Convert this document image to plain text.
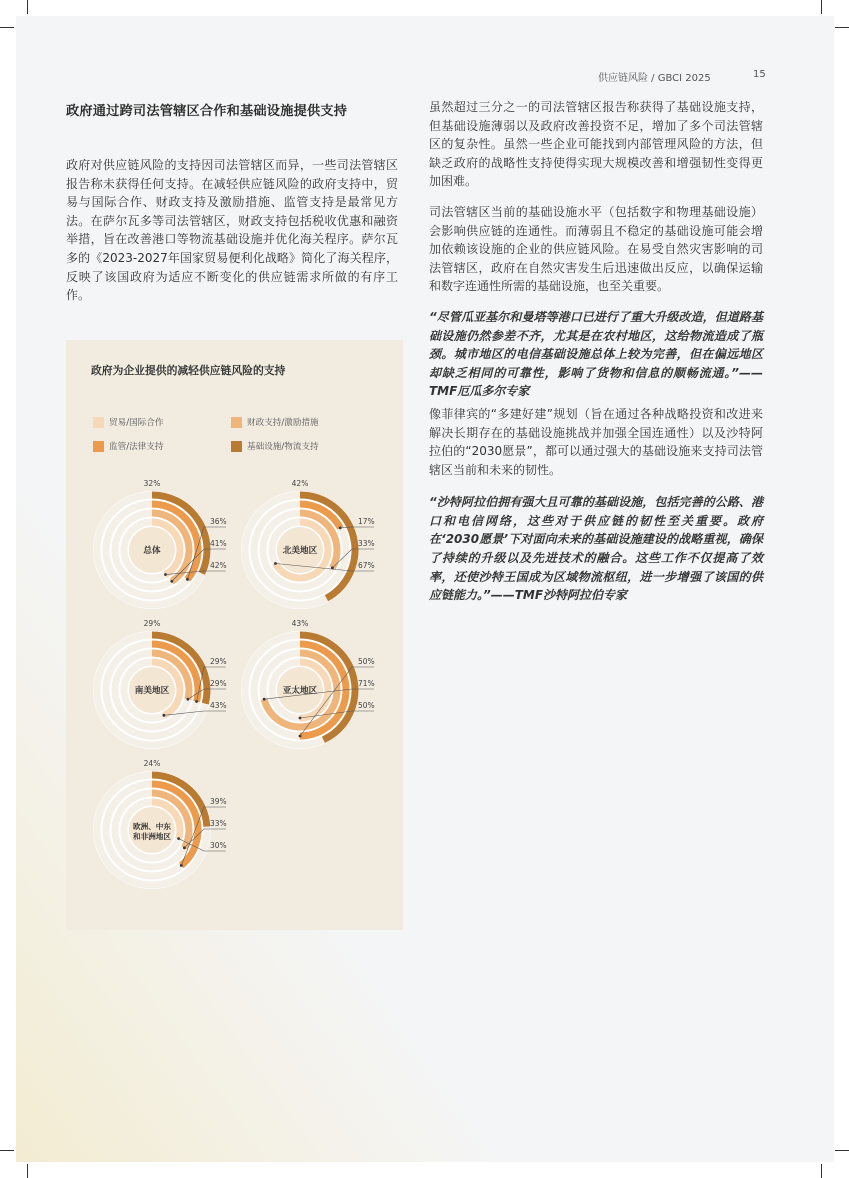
供应链风险 / GBCI 2025	15
政府通过跨司法管辖区合作和基础设施提供支持

政府对供应链风险的支持因司法管辖区而异，一些司法管辖区报告称未获得任何支持。在减轻供应链风险的政府支持中，贸易与国际合作、财政支持及激励措施、监管支持是最常见方法。在萨尔瓦多等司法管辖区，财政支持包括税收优惠和融资举措，旨在改善港口等物流基础设施并优化海关程序。萨尔瓦多的《2023-2027年国家贸易便利化战略》简化了海关程序，反映了该国政府为适应不断变化的供应链需求所做的有序工作。

虽然超过三分之一的司法管辖区报告称获得了基础设施支持，但基础设施薄弱以及政府改善投资不足，增加了多个司法管辖区的复杂性。虽然一些企业可能找到内部管理风险的方法，但缺乏政府的战略性支持使得实现大规模改善和增强韧性变得更加困难。

司法管辖区当前的基础设施水平（包括数字和物理基础设施）会影响供应链的连通性。而薄弱且不稳定的基础设施可能会增加依赖该设施的企业的供应链风险。在易受自然灾害影响的司法管辖区，政府在自然灾害发生后迅速做出反应，以确保运输和数字连通性所需的基础设施，也至关重要。

“尽管瓜亚基尔和曼塔等港口已进行了重大升级改造，但道路基础设施仍然参差不齐，尤其是在农村地区，这给物流造成了瓶颈。城市地区的电信基础设施总体上较为完善，但在偏远地区却缺乏相同的可靠性，影响了货物和信息的顺畅流通。”——TMF厄瓜多尔专家

像菲律宾的“多建好建”规划（旨在通过各种战略投资和改进来解决长期存在的基础设施挑战并加强全国连通性）以及沙特阿拉伯的“2030愿景”，都可以通过强大的基础设施来支持司法管辖区当前和未来的韧性。

“沙特阿拉伯拥有强大且可靠的基础设施，包括完善的公路、港口和电信网络，这些对于供应链的韧性至关重要。政府在‘2030愿景’下对面向未来的基础设施建设的战略重视，确保了持续的升级以及先进技术的融合。这些工作不仅提高了效率，还使沙特王国成为区域物流枢纽，进一步增强了该国的供应链能力。”——TMF沙特阿拉伯专家

政府为企业提供的减轻供应链风险的支持
贸易/国际合作	财政支持/激励措施
监管/法律支持	基础设施/物流支持
32%
36%
41%
42%
总体
42%
17%
33%
67%
北美地区
29%
29%
29%
43%
南美地区
43%
50%
71%
50%
亚太地区
24%
39%
33%
30%
欧洲、中东
和非洲地区
